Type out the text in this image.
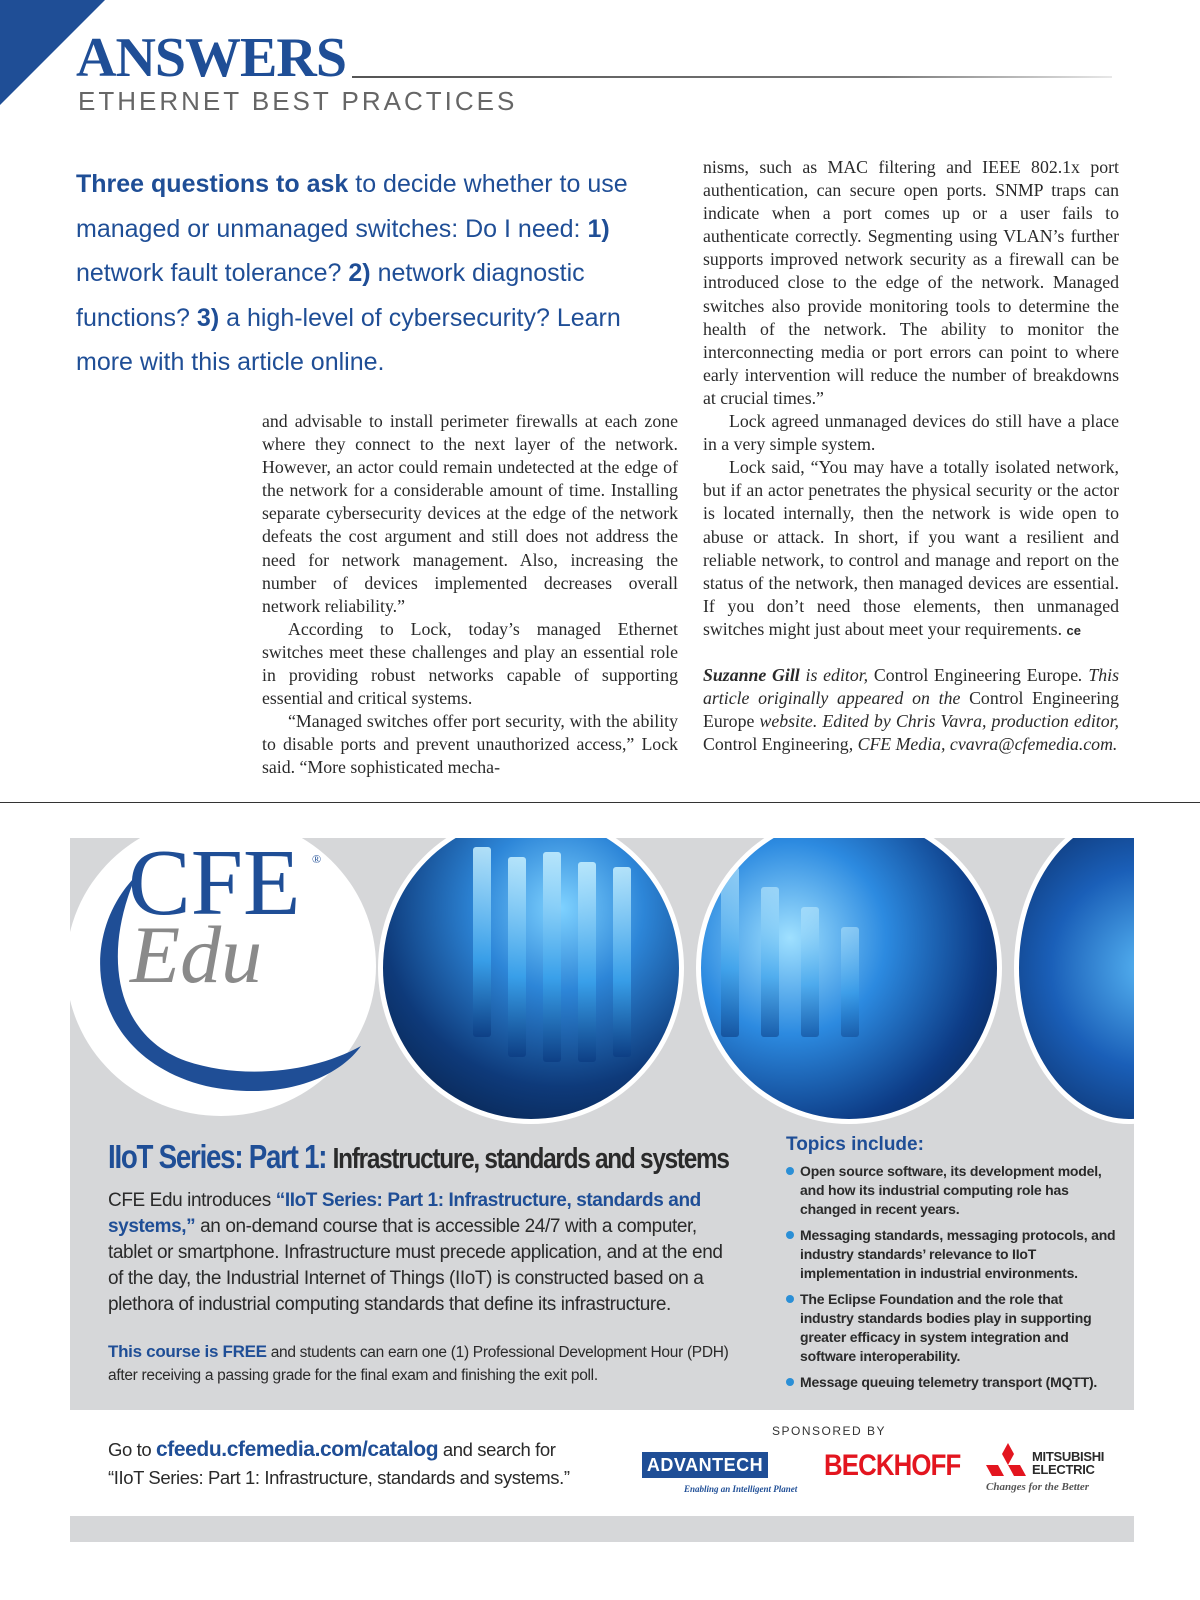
ANSWERS
ETHERNET BEST PRACTICES
Three questions to ask to decide whether to use managed or unmanaged switches: Do I need: 1) network fault tolerance? 2) network diagnostic functions? 3) a high-level of cybersecurity? Learn more with this article online.

and advisable to install perimeter firewalls at each zone where they connect to the next layer of the network. However, an actor could remain undetected at the edge of the network for a considerable amount of time. Installing separate cybersecurity devices at the edge of the network defeats the cost argument and still does not address the need for network management. Also, increasing the number of devices implemented decreases overall network reliability.”

According to Lock, today’s managed Ethernet switches meet these challenges and play an essential role in providing robust networks capable of supporting essential and critical systems.

“Managed switches offer port security, with the ability to disable ports and prevent unauthorized access,” Lock said. “More sophisticated mecha-

nisms, such as MAC filtering and IEEE 802.1x port authentication, can secure open ports. SNMP traps can indicate when a port comes up or a user fails to authenticate correctly. Segmenting using VLAN’s further supports improved network security as a firewall can be introduced close to the edge of the network. Managed switches also provide monitoring tools to determine the health of the network. The ability to monitor the interconnecting media or port errors can point to where early intervention will reduce the number of breakdowns at crucial times.”

Lock agreed unmanaged devices do still have a place in a very simple system.

Lock said, “You may have a totally isolated network, but if an actor penetrates the physical security or the actor is located internally, then the network is wide open to abuse or attack. In short, if you want a resilient and reliable network, to control and manage and report on the status of the network, then managed devices are essential. If you don’t need those elements, then unmanaged switches might just about meet your requirements. ce

Suzanne Gill is editor, Control Engineering Europe. This article originally appeared on the Control Engineering Europe website. Edited by Chris Vavra, production editor, Control Engineering, CFE Media, cvavra@cfemedia.com.

CFE ®
Edu
IIoT Series: Part 1: Infrastructure, standards and systems
CFE Edu introduces “IIoT Series: Part 1: Infrastructure, standards and systems,” an on-demand course that is accessible 24/7 with a computer, tablet or smartphone. Infrastructure must precede application, and at the end of the day, the Industrial Internet of Things (IIoT) is constructed based on a plethora of industrial computing standards that define its infrastructure.
This course is FREE and students can earn one (1) Professional Development Hour (PDH) after receiving a passing grade for the final exam and finishing the exit poll.
Topics include:
Open source software, its development model, and how its industrial computing role has changed in recent years.
Messaging standards, messaging protocols, and industry standards’ relevance to IIoT implementation in industrial environments.
The Eclipse Foundation and the role that industry standards bodies play in supporting greater efficacy in system integration and software interoperability.
Message queuing telemetry transport (MQTT).
Go to cfeedu.cfemedia.com/catalog and search for
“IIoT Series: Part 1: Infrastructure, standards and systems.”
SPONSORED BY
ADVANTECH
Enabling an Intelligent Planet
BECKHOFF	MITSUBISHI
ELECTRIC
Changes for the Better
